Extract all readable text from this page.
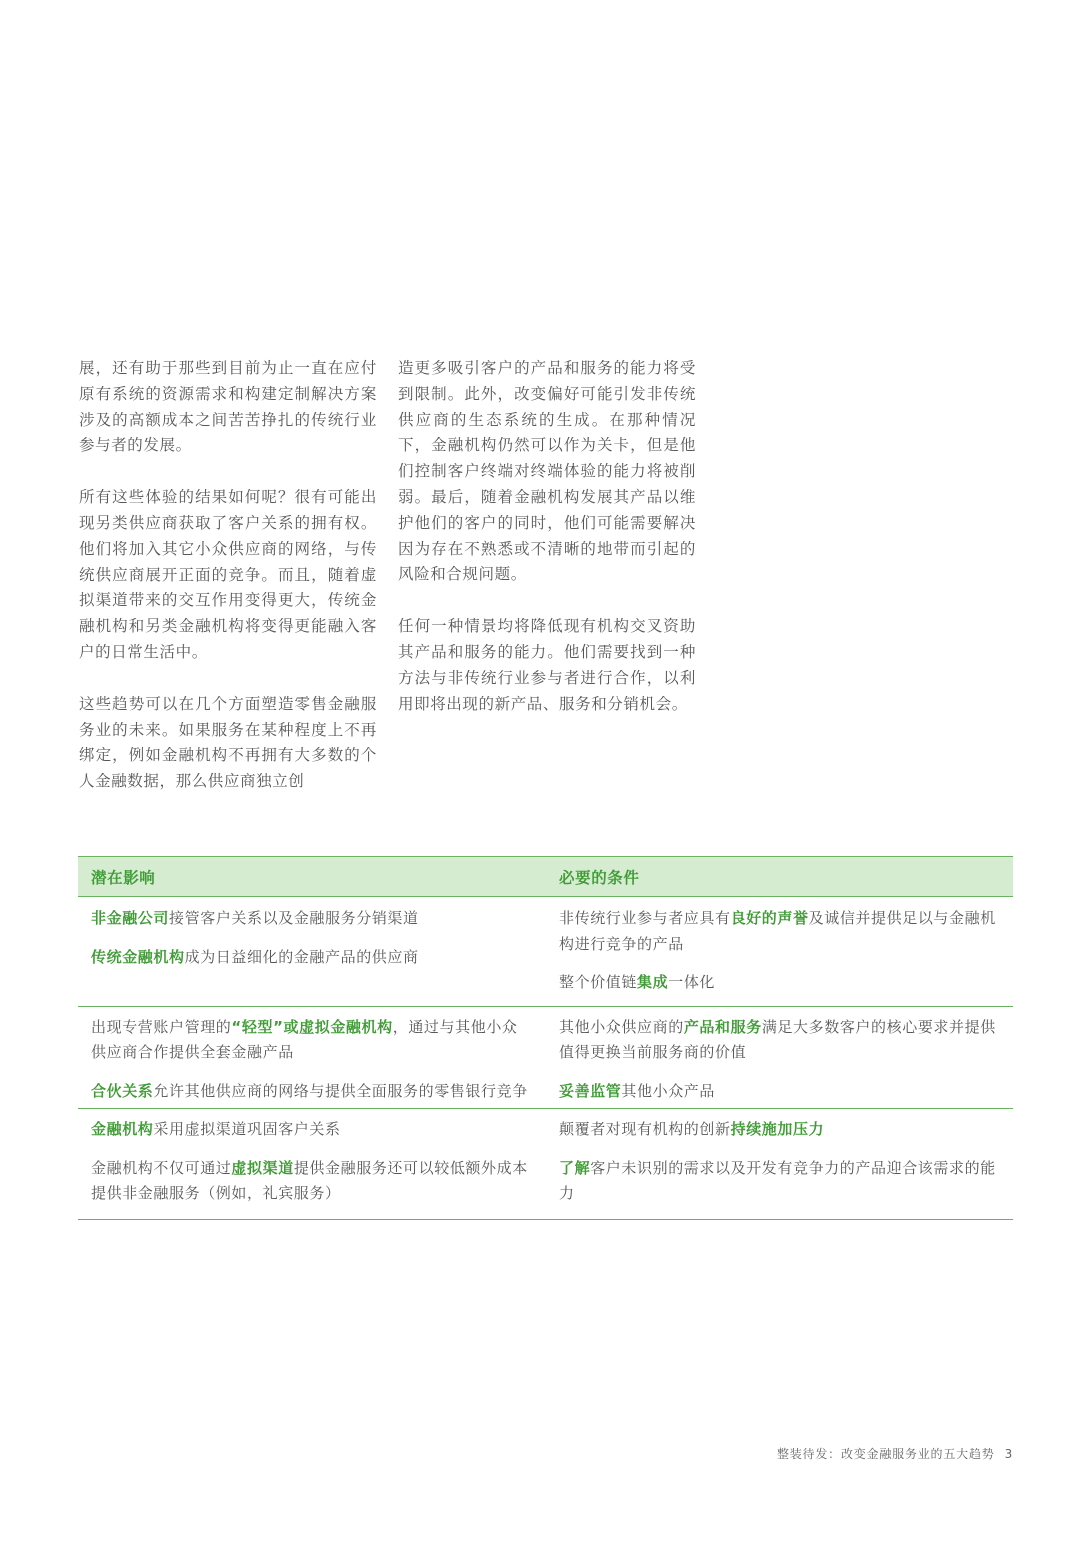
展，还有助于那些到目前为止一直在应付原有系统的资源需求和构建定制解决方案涉及的高额成本之间苦苦挣扎的传统行业参与者的发展。

所有这些体验的结果如何呢？很有可能出现另类供应商获取了客户关系的拥有权。他们将加入其它小众供应商的网络，与传统供应商展开正面的竞争。而且，随着虚拟渠道带来的交互作用变得更大，传统金融机构和另类金融机构将变得更能融入客户的日常生活中。

这些趋势可以在几个方面塑造零售金融服务业的未来。如果服务在某种程度上不再绑定，例如金融机构不再拥有大多数的个人金融数据，那么供应商独立创

造更多吸引客户的产品和服务的能力将受到限制。此外，改变偏好可能引发非传统供应商的生态系统的生成。在那种情况下，金融机构仍然可以作为关卡，但是他们控制客户终端对终端体验的能力将被削弱。最后，随着金融机构发展其产品以维护他们的客户的同时，他们可能需要解决因为存在不熟悉或不清晰的地带而引起的风险和合规问题。

任何一种情景均将降低现有机构交叉资助其产品和服务的能力。他们需要找到一种方法与非传统行业参与者进行合作，以利用即将出现的新产品、服务和分销机会。

潜在影响	必要的条件

非金融公司接管客户关系以及金融服务分销渠道

传统金融机构成为日益细化的金融产品的供应商

非传统行业参与者应具有良好的声誉及诚信并提供足以与金融机构进行竞争的产品

整个价值链集成一体化

出现专营账户管理的“轻型”或虚拟金融机构，通过与其他小众供应商合作提供全套金融产品

合伙关系允许其他供应商的网络与提供全面服务的零售银行竞争

其他小众供应商的产品和服务满足大多数客户的核心要求并提供值得更换当前服务商的价值

妥善监管其他小众产品

金融机构采用虚拟渠道巩固客户关系

金融机构不仅可通过虚拟渠道提供金融服务还可以较低额外成本提供非金融服务（例如，礼宾服务）

颠覆者对现有机构的创新持续施加压力

了解客户未识别的需求以及开发有竞争力的产品迎合该需求的能力

整装待发：改变金融服务业的五大趋势 3
